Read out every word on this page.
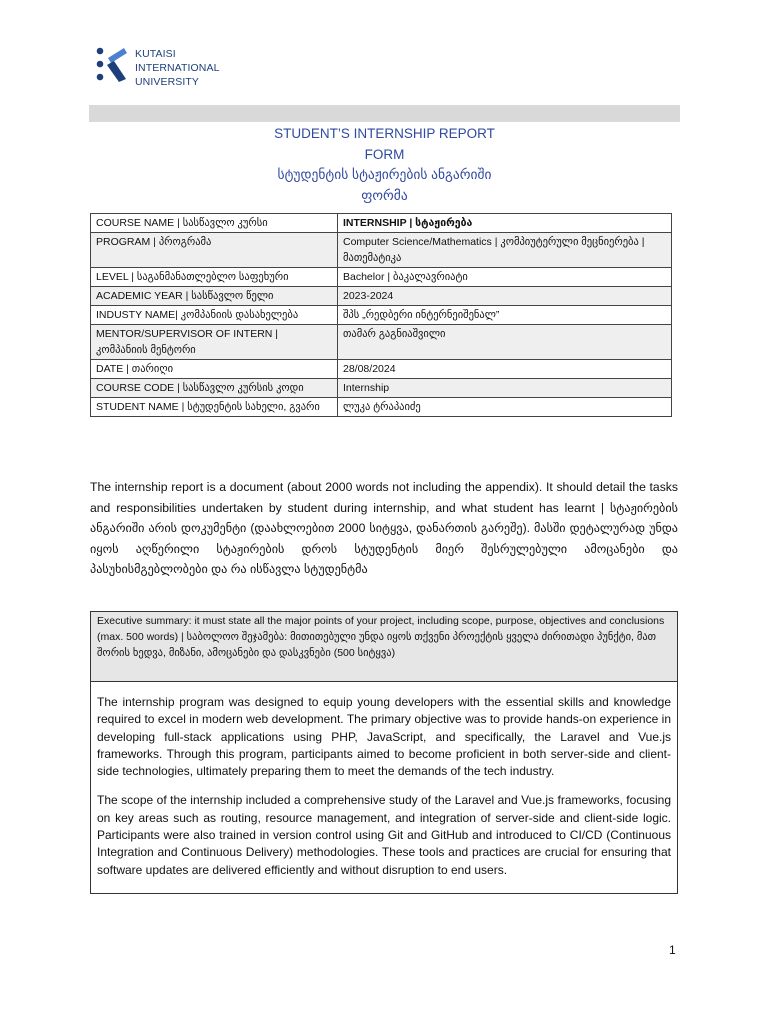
KUTAISI
INTERNATIONAL
UNIVERSITY
STUDENT’S INTERNSHIP REPORT
FORM
სტუდენტის სტაჟირების ანგარიში
ფორმა
COURSE NAME | სასწავლო კურსი	INTERNSHIP | სტაჟირება
PROGRAM | პროგრამა	Computer Science/Mathematics | კომპიუტერული მეცნიერება | მათემატიკა
LEVEL | საგანმანათლებლო საფეხური	Bachelor | ბაკალავრიატი
ACADEMIC YEAR | სასწავლო წელი	2023-2024
INDUSTY NAME| კომპანიის დასახელება	შპს „რედბერი ინტერნეიშენალ”
MENTOR/SUPERVISOR OF INTERN | კომპანიის მენტორი	თამარ გაგნიაშვილი
DATE | თარიღი	28/08/2024
COURSE CODE | სასწავლო კურსის კოდი	Internship
STUDENT NAME | სტუდენტის სახელი, გვარი	ლუკა ტრაპაიძე
The internship report is a document (about 2000 words not including the appendix). It should detail the tasks and responsibilities undertaken by student during internship, and what student has learnt | სტაჟირების ანგარიში არის დოკუმენტი (დაახლოებით 2000 სიტყვა, დანართის გარეშე). მასში დეტალურად უნდა იყოს აღწერილი სტაჟირების დროს სტუდენტის მიერ შესრულებული ამოცანები და პასუხისმგებლობები და რა ისწავლა სტუდენტმა
Executive summary: it must state all the major points of your project, including scope, purpose, objectives and conclusions (max. 500 words) | საბოლოო შეჯამება: მითითებული უნდა იყოს თქვენი პროექტის ყველა ძირითადი პუნქტი, მათ შორის ხედვა, მიზანი, ამოცანები და დასკვნები (500 სიტყვა)

The internship program was designed to equip young developers with the essential skills and knowledge required to excel in modern web development. The primary objective was to provide hands-on experience in developing full-stack applications using PHP, JavaScript, and specifically, the Laravel and Vue.js frameworks. Through this program, participants aimed to become proficient in both server-side and client-side technologies, ultimately preparing them to meet the demands of the tech industry.

The scope of the internship included a comprehensive study of the Laravel and Vue.js frameworks, focusing on key areas such as routing, resource management, and integration of server-side and client-side logic. Participants were also trained in version control using Git and GitHub and introduced to CI/CD (Continuous Integration and Continuous Delivery) methodologies. These tools and practices are crucial for ensuring that software updates are delivered efficiently and without disruption to end users.

1
